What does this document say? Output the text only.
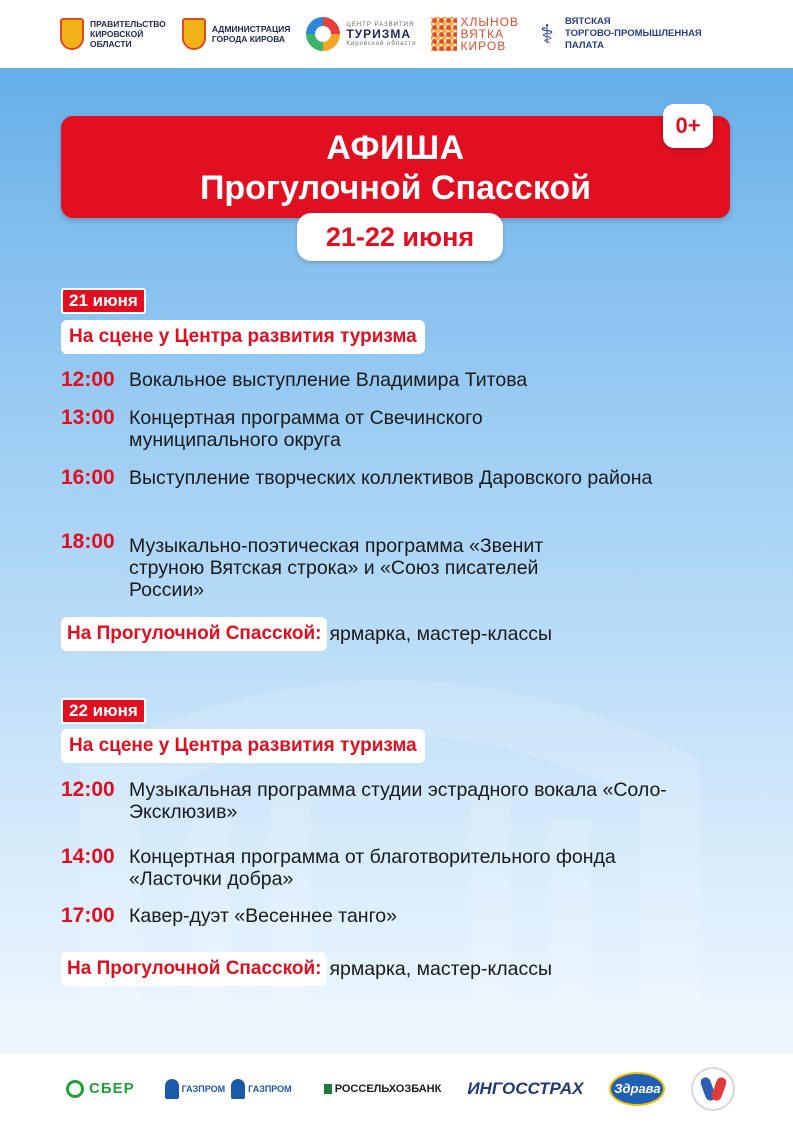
ПРАВИТЕЛЬСТВО
КИРОВСКОЙ
ОБЛАСТИ
АДМИНИСТРАЦИЯ
ГОРОДА КИРОВА
ЦЕНТР РАЗВИТИЯ
ТУРИЗМА
Кировской области
ХЛЫНОВ
ВЯТКА
КИРОВ	⚕	ВЯТСКАЯ
ТОРГОВО-ПРОМЫШЛЕННАЯ
ПАЛАТА
АФИША
Прогулочной Спасской
0+
21-22 июня
21 июня
На сцене у Центра развития туризма
12:00 Вокальное выступление Владимира Титова
13:00 Концертная программа от Свечинского муниципального округа
16:00 Выступление творческих коллективов Даровского района
18:00 Музыкально-поэтическая программа «Звенит струною Вятская строка» и «Союз писателей России»
На Прогулочной Спасской: ярмарка, мастер-классы
22 июня
На сцене у Центра развития туризма
12:00 Музыкальная программа студии эстрадного вокала «Соло-Эксклюзив»
14:00 Концертная программа от благотворительного фонда «Ласточки добра»
17:00 Кавер-дуэт «Весеннее танго»
На Прогулочной Спасской: ярмарка, мастер-классы
СБЕР	ГАЗПРОМ	ГАЗПРОМ	РОССЕЛЬХОЗБАНК ИНГОССТРАХ	Здрава
